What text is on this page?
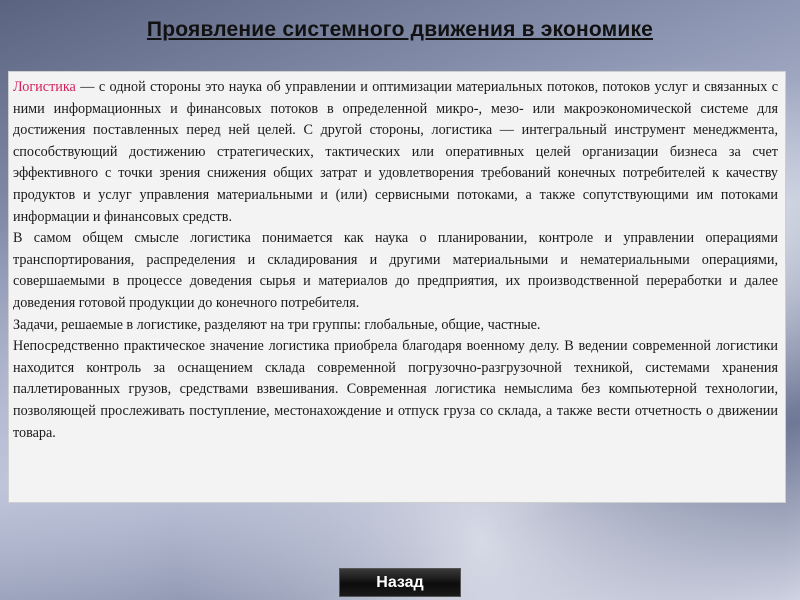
Проявление системного движения в экономике

Логистика — с одной стороны это наука об управлении и оптимизации материальных потоков, потоков услуг и связанных с ними информационных и финансовых потоков в определенной микро-, мезо- или макроэкономической системе для достижения поставленных перед ней целей. С другой стороны, логистика — интегральный инструмент менеджмента, способствующий достижению стратегических, тактических или оперативных целей организации бизнеса за счет эффективного с точки зрения снижения общих затрат и удовлетворения требований конечных потребителей к качеству продуктов и услуг управления материальными и (или) сервисными потоками, а также сопутствующими им потоками информации и финансовых средств.

В самом общем смысле логистика понимается как наука о планировании, контроле и управлении операциями транспортирования, распределения и складирования и другими материальными и нематериальными операциями, совершаемыми в процессе доведения сырья и материалов до предприятия, их производственной переработки и далее доведения готовой продукции до конечного потребителя.

Задачи, решаемые в логистике, разделяют на три группы: глобальные, общие, частные.

Непосредственно практическое значение логистика приобрела благодаря военному делу. В ведении современной логистики находится контроль за оснащением склада современной погрузочно-разгрузочной техникой, системами хранения паллетированных грузов, средствами взвешивания. Современная логистика немыслима без компьютерной технологии, позволяющей прослеживать поступление, местонахождение и отпуск груза со склада, а также вести отчетность о движении товара.

Назад
